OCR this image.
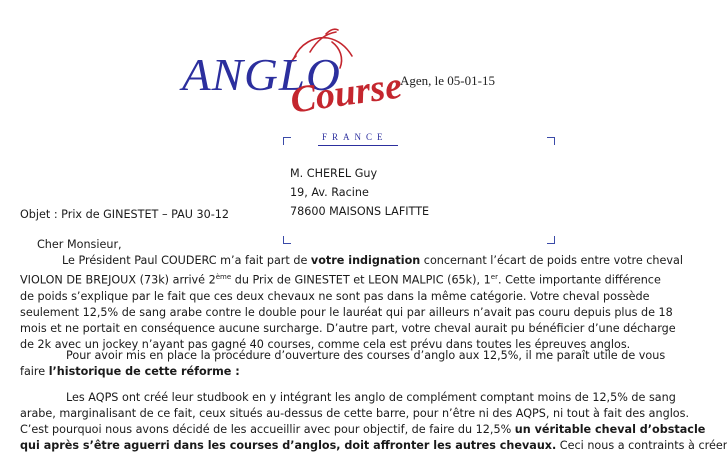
ANGLO
Course
FRANCE
Agen, le 05-01-15
M. CHEREL Guy
19, Av. Racine
78600 MAISONS LAFITTE
Objet : Prix de GINESTET – PAU 30-12
Cher Monsieur,
Le Président Paul COUDERC m’a fait part de votre indignation concernant l’écart de poids entre votre cheval
VIOLON DE BREJOUX (73k) arrivé 2ème du Prix de GINESTET et LEON MALPIC (65k), 1er. Cette importante différence
de poids s’explique par le fait que ces deux chevaux ne sont pas dans la même catégorie. Votre cheval possède
seulement 12,5% de sang arabe contre le double pour le lauréat qui par ailleurs n’avait pas couru depuis plus de 18
mois et ne portait en conséquence aucune surcharge. D’autre part, votre cheval aurait pu bénéficier d’une décharge
de 2k avec un jockey n’ayant pas gagné 40 courses, comme cela est prévu dans toutes les épreuves anglos.
Pour avoir mis en place la procédure d’ouverture des courses d’anglo aux 12,5%, il me paraît utile de vous
faire l’historique de cette réforme :
Les AQPS ont créé leur studbook en y intégrant les anglo de complément comptant moins de 12,5% de sang
arabe, marginalisant de ce fait, ceux situés au-dessus de cette barre, pour n’être ni des AQPS, ni tout à fait des anglos.
C’est pourquoi nous avons décidé de les accueillir avec pour objectif, de faire du 12,5% un véritable cheval d’obstacle
qui après s’être aguerri dans les courses d’anglos, doit affronter les autres chevaux. Ceci nous a contraints à créer
